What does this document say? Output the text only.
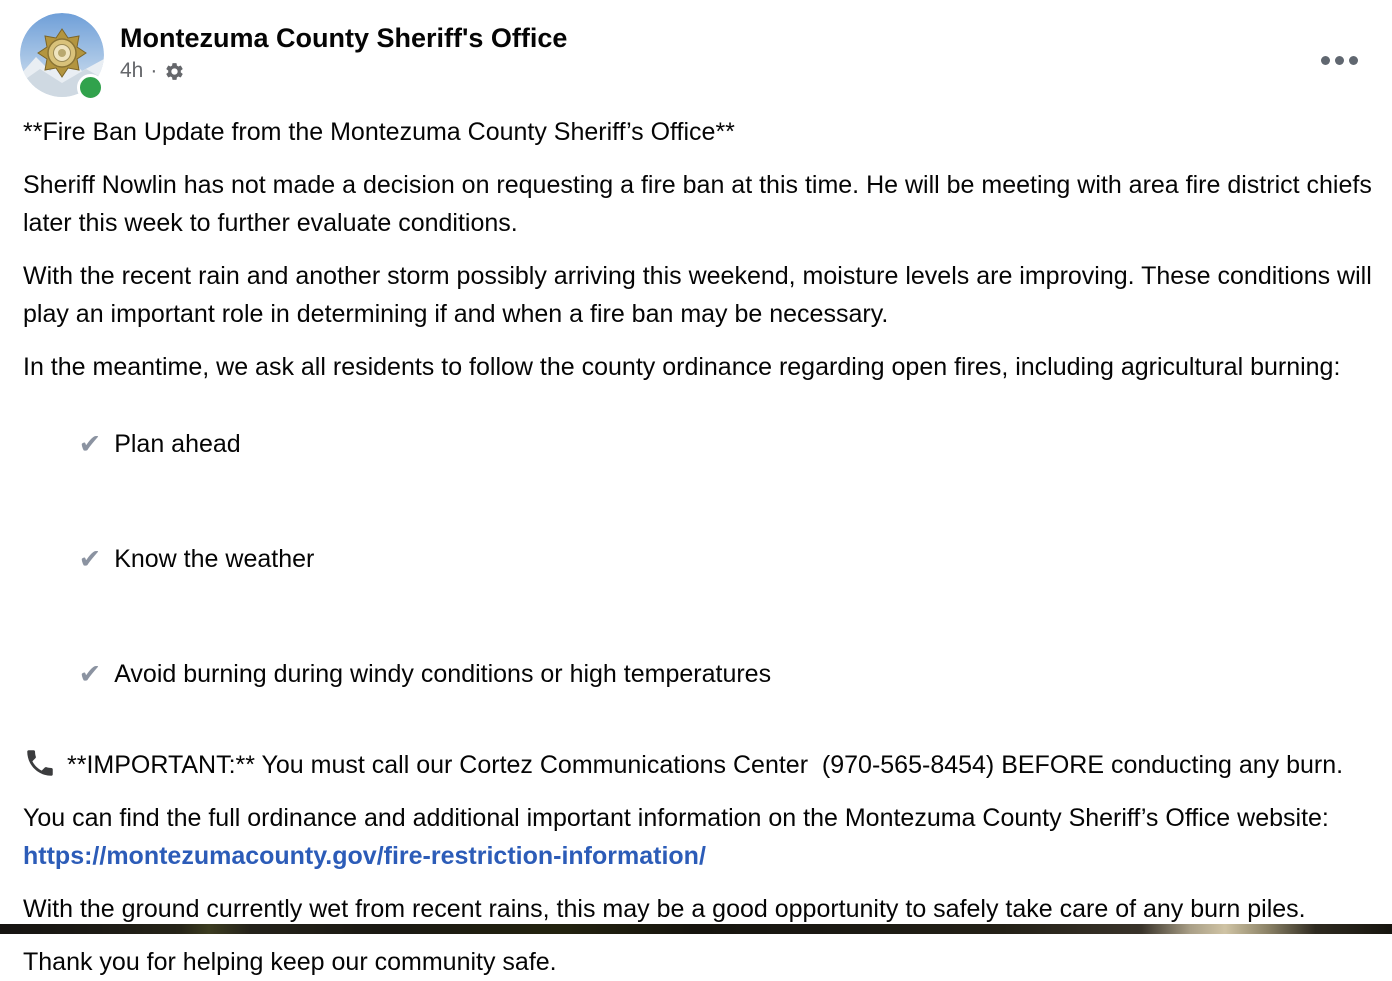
Montezuma County Sheriff's Office
4h ·

**Fire Ban Update from the Montezuma County Sheriff’s Office**

Sheriff Nowlin has not made a decision on requesting a fire ban at this time. He will be meeting with area fire district chiefs later this week to further evaluate conditions.

With the recent rain and another storm possibly arriving this weekend, moisture levels are improving. These conditions will play an important role in determining if and when a fire ban may be necessary.

In the meantime, we ask all residents to follow the county ordinance regarding open fires, including agricultural burning:

✔ Plan ahead

✔ Know the weather

✔ Avoid burning during windy conditions or high temperatures

**IMPORTANT:** You must call our Cortez Communications Center  (970-565-8454) BEFORE conducting any burn.

You can find the full ordinance and additional important information on the Montezuma County Sheriff’s Office website: https://montezumacounty.gov/fire-restriction-information/

With the ground currently wet from recent rains, this may be a good opportunity to safely take care of any burn piles.

Thank you for helping keep our community safe.
